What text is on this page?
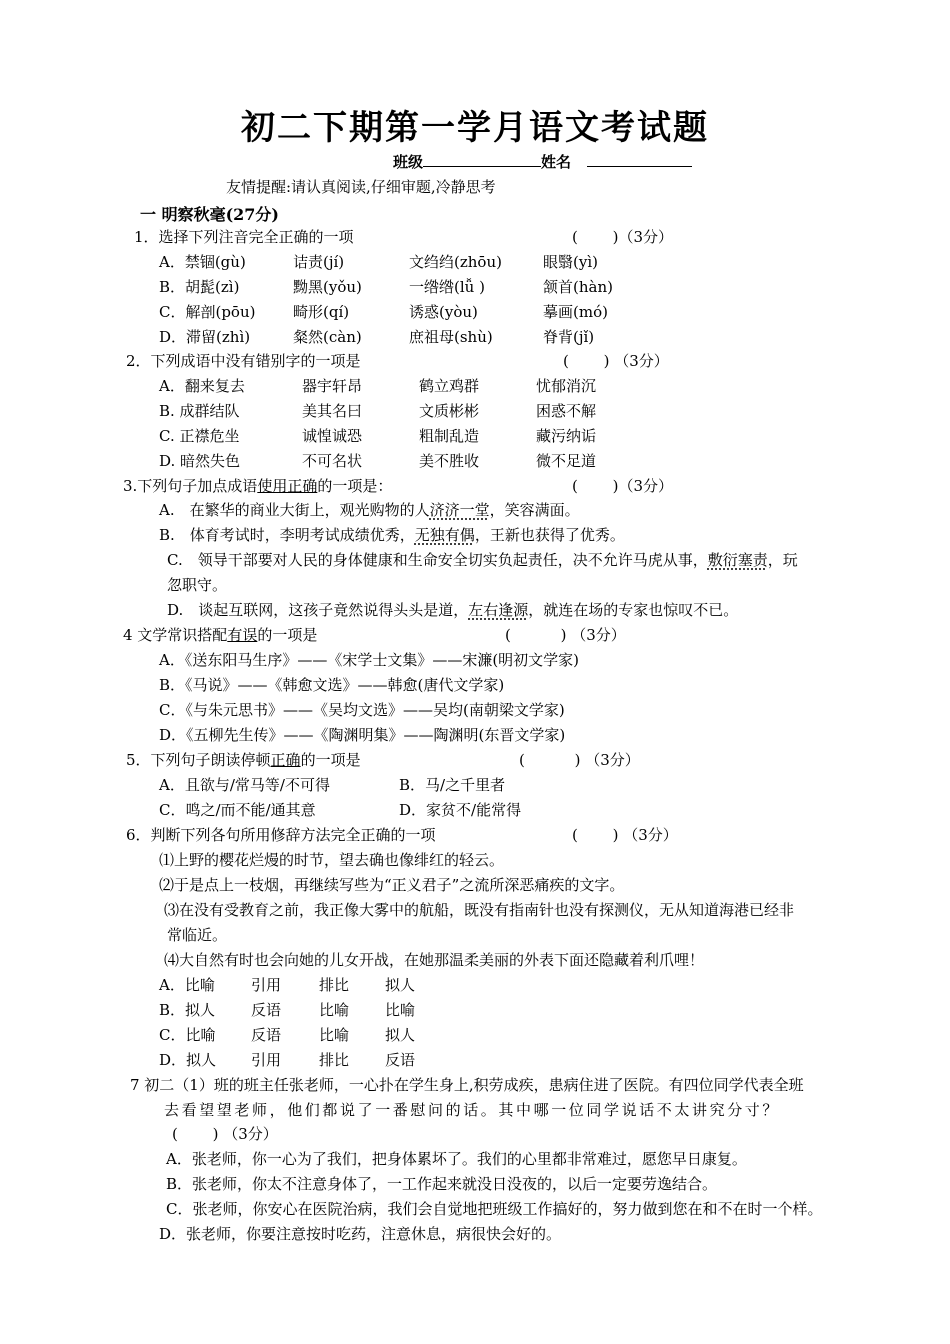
初二下期第一学月语文考试题
班级	姓名
友情提醒:请认真阅读,仔细审题,冷静思考
一 明察秋毫(27分)
1．选择下列注音完全正确的一项	(　　 )（3分）
A．禁锢(gù)	诘责(jí)	文绉绉(zhōu)	眼翳(yì)
B．胡髭(zì)	黝黑(yǒu)	一绺绺(lǚ )	颔首(hàn)
C．解剖(pōu)	畸形(qí)	诱惑(yòu)	摹画(mó)
D．滞留(zhì)	粲然(càn)	庶祖母(shù)	脊背(jǐ)
2．下列成语中没有错别字的一项是	(　　 ) （3分）
A．翻来复去	器宇轩昂	鹤立鸡群	忧郁消沉
B. 成群结队	美其名曰	文质彬彬	困惑不解
C. 正襟危坐	诚惶诚恐	粗制乱造	藏污纳诟
D. 暗然失色	不可名状	美不胜收	微不足道
3.下列句子加点成语使用正确的一项是：	(　　 )（3分）
A.　在繁华的商业大街上，观光购物的人济济一堂，笑容满面。
B.　体育考试时，李明考试成绩优秀，无独有偶，王新也获得了优秀。
C.　领导干部要对人民的身体健康和生命安全切实负起责任，决不允许马虎从事，敷衍塞责，玩
忽职守。
D.　谈起互联网，这孩子竟然说得头头是道，左右逢源，就连在场的专家也惊叹不已。
4 文学常识搭配有误的一项是	(　　　 ) （3分）
A．《送东阳马生序》——《宋学士文集》——宋濂(明初文学家)
B．《马说》——《韩愈文选》——韩愈(唐代文学家)
C．《与朱元思书》——《吴均文选》——吴均(南朝梁文学家)
D．《五柳先生传》——《陶渊明集》——陶渊明(东晋文学家)
5．下列句子朗读停顿正确的一项是	(　　　 ) （3分）
A．且欲与/常马等/不可得	B．马/之千里者
C．鸣之/而不能/通其意	D．家贫不/能常得
6．判断下列各句所用修辞方法完全正确的一项	(　　 ) （3分）
⑴上野的樱花烂熳的时节，望去确也像绯红的轻云。
⑵于是点上一枝烟，再继续写些为“正义君子”之流所深恶痛疾的文字。
⑶在没有受教育之前，我正像大雾中的航船，既没有指南针也没有探测仪，无从知道海港已经非
常临近。
⑷大自然有时也会向她的儿女开战，在她那温柔美丽的外表下面还隐藏着利爪哩！
A．比喻 引用	排比 拟人
B．拟人 反语	比喻 比喻
C．比喻 反语	比喻 拟人
D．拟人 引用	排比 反语
7 初二（1）班的班主任张老师，一心扑在学生身上,积劳成疾，患病住进了医院。有四位同学代表全班
去看望望老师，他们都说了一番慰问的话。其中哪一位同学说话不太讲究分寸？
(　　 ) （3分）
A．张老师，你一心为了我们，把身体累坏了。我们的心里都非常难过，愿您早日康复。
B．张老师，你太不注意身体了，一工作起来就没日没夜的，以后一定要劳逸结合。
C．张老师，你安心在医院治病，我们会自觉地把班级工作搞好的，努力做到您在和不在时一个样。
D．张老师，你要注意按时吃药，注意休息，病很快会好的。
